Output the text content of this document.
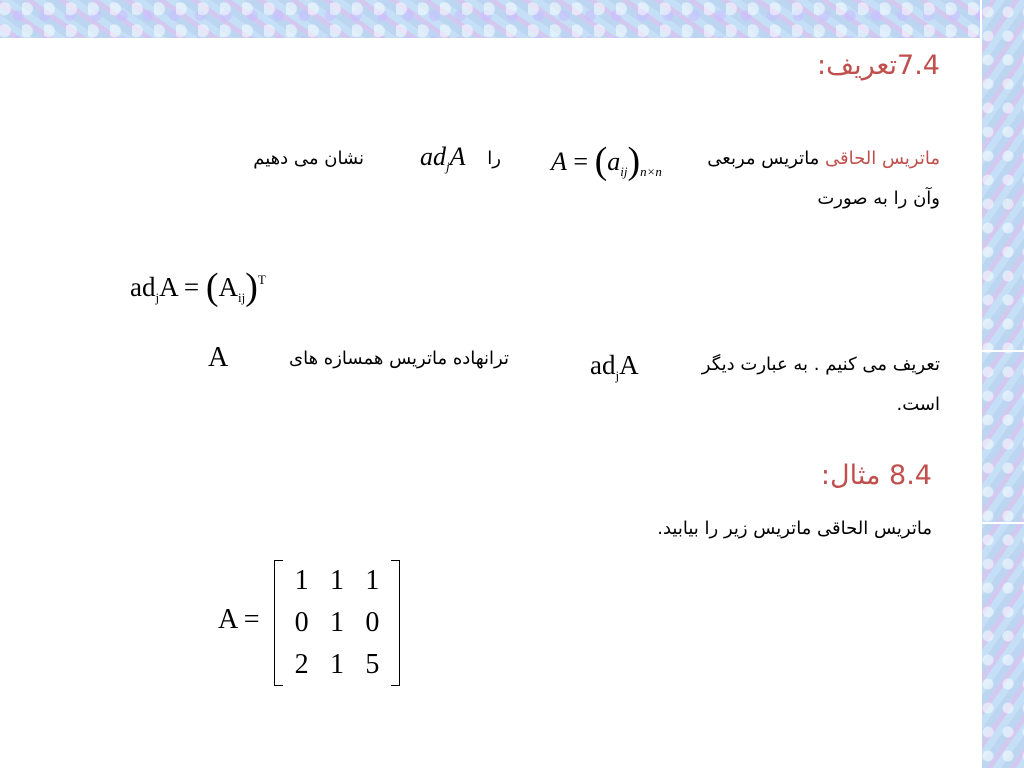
7.4تعریف:
ماتریس الحاقی ماتریس مربعی
را
نشان می دهیم
وآن را به صورت
$A = (a_{ij})_{n\times n}$
$ad_jA$
$ad_jA = (A_{ij})^T$
تعریف می کنیم . به عبارت دیگر
ترانهاده ماتریس همسازه های
A
است.
$ad_jA$
8.4 مثال:
ماتریس الحاقی ماتریس زیر را بیابید.
A =
1 1 1
0 1 0
2 1 5
